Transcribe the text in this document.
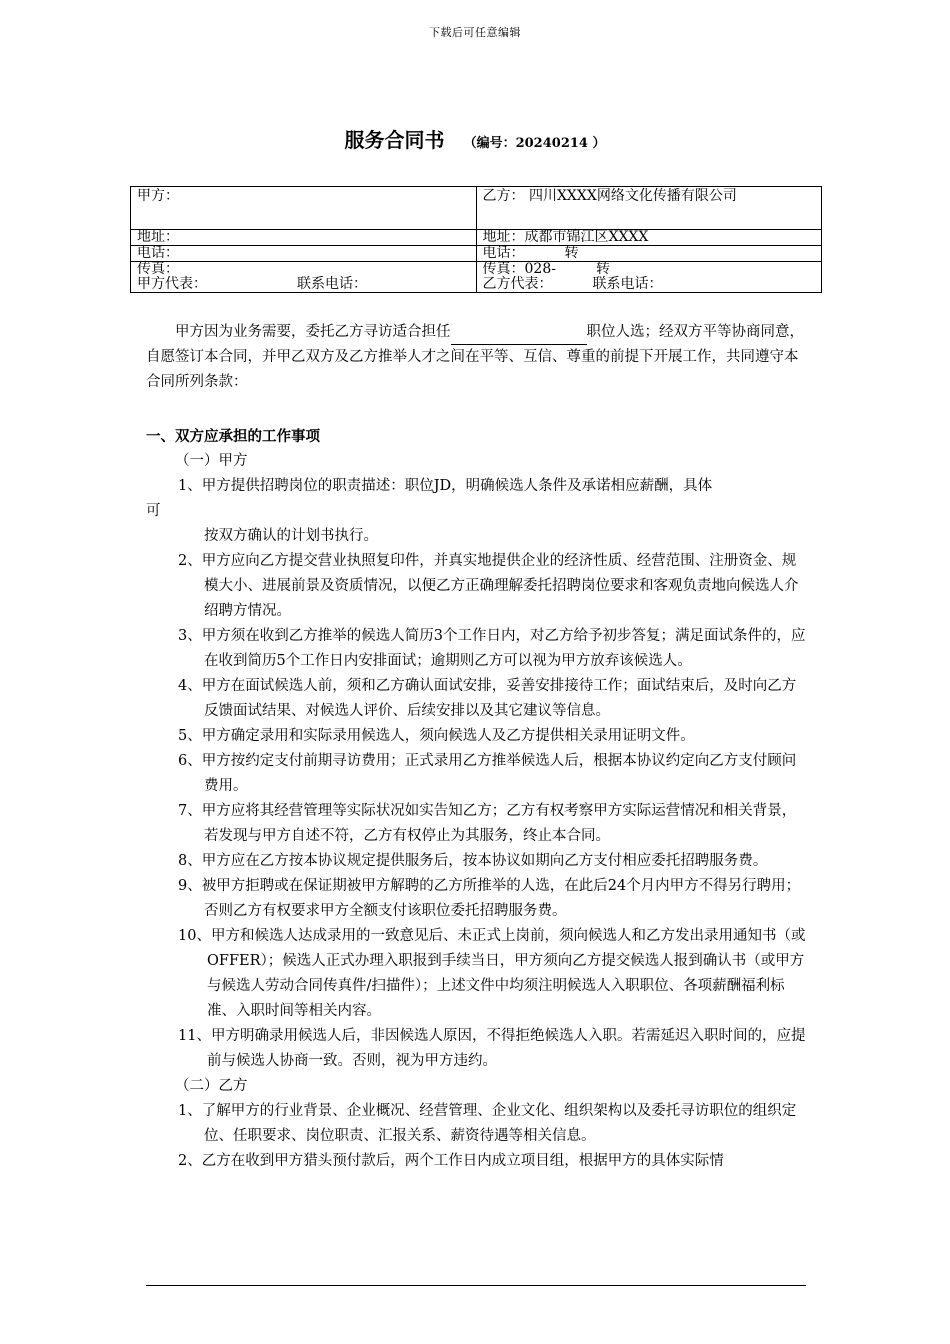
下载后可任意编辑
服务合同书 （编号：20240214 ）
甲方：	乙方： 四川XXXX网络文化传播有限公司
地址：	地址：成都市锦江区XXXX
电话：	电话： 转
传真：	传真：028- 转
甲方代表： 联系电话：	乙方代表： 联系电话：

甲方因为业务需要，委托乙方寻访适合担任	职位人选；经双方平等协商同意，自愿签订本合同，并甲乙双方及乙方推举人才之间在平等、互信、尊重的前提下开展工作，共同遵守本合同所列条款：

一、双方应承担的工作事项

（一）甲方

1、甲方提供招聘岗位的职责描述：职位JD，明确候选人条件及承诺相应薪酬，具体

可

按双方确认的计划书执行。

2、甲方应向乙方提交营业执照复印件，并真实地提供企业的经济性质、经营范围、注册资金、规模大小、进展前景及资质情况，以便乙方正确理解委托招聘岗位要求和客观负责地向候选人介绍聘方情况。

3、甲方须在收到乙方推举的候选人简历3个工作日内，对乙方给予初步答复；满足面试条件的，应在收到简历5个工作日内安排面试；逾期则乙方可以视为甲方放弃该候选人。

4、甲方在面试候选人前，须和乙方确认面试安排，妥善安排接待工作；面试结束后，及时向乙方反馈面试结果、对候选人评价、后续安排以及其它建议等信息。

5、甲方确定录用和实际录用候选人，须向候选人及乙方提供相关录用证明文件。

6、甲方按约定支付前期寻访费用；正式录用乙方推举候选人后，根据本协议约定向乙方支付顾问费用。

7、甲方应将其经营管理等实际状况如实告知乙方；乙方有权考察甲方实际运营情况和相关背景，若发现与甲方自述不符，乙方有权停止为其服务，终止本合同。

8、甲方应在乙方按本协议规定提供服务后，按本协议如期向乙方支付相应委托招聘服务费。

9、被甲方拒聘或在保证期被甲方解聘的乙方所推举的人选，在此后24个月内甲方不得另行聘用；否则乙方有权要求甲方全额支付该职位委托招聘服务费。

10、甲方和候选人达成录用的一致意见后、未正式上岗前，须向候选人和乙方发出录用通知书（或OFFER）；候选人正式办理入职报到手续当日，甲方须向乙方提交候选人报到确认书（或甲方与候选人劳动合同传真件/扫描件）；上述文件中均须注明候选人入职职位、各项薪酬福利标准、入职时间等相关内容。

11、甲方明确录用候选人后，非因候选人原因，不得拒绝候选人入职。若需延迟入职时间的，应提前与候选人协商一致。否则，视为甲方违约。

（二）乙方

1、了解甲方的行业背景、企业概况、经营管理、企业文化、组织架构以及委托寻访职位的组织定位、任职要求、岗位职责、汇报关系、薪资待遇等相关信息。

2、乙方在收到甲方猎头预付款后，两个工作日内成立项目组，根据甲方的具体实际情
